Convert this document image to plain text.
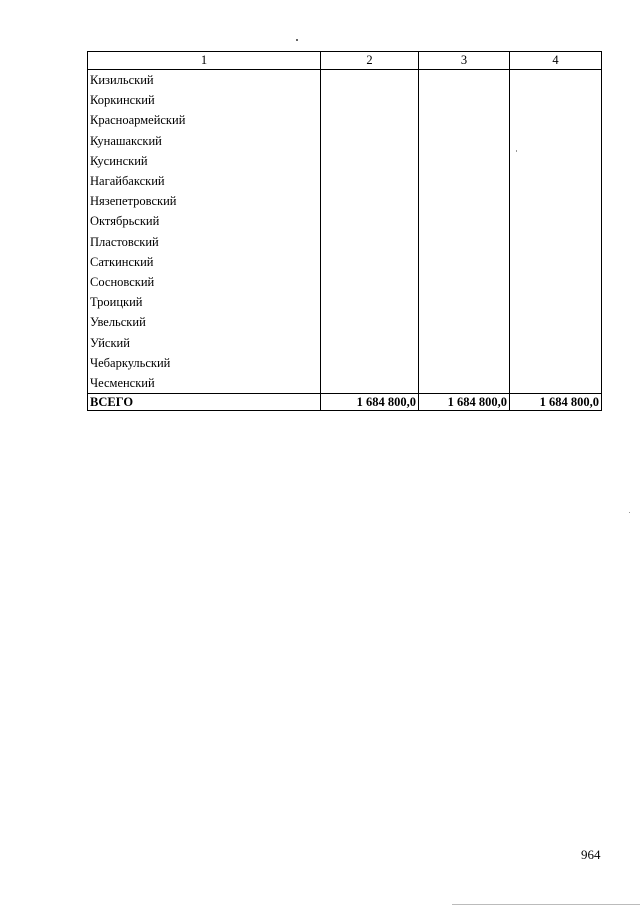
1	2	3	4
Кизильский			
Коркинский			
Красноармейский			
Кунашакский			
Кусинский			
Нагайбакский			
Нязепетровский			
Октябрьский			
Пластовский			
Саткинский			
Сосновский			
Троицкий			
Увельский			
Уйский			
Чебаркульский			
Чесменский			
ВСЕГО	1 684 800,0	1 684 800,0	1 684 800,0
964
